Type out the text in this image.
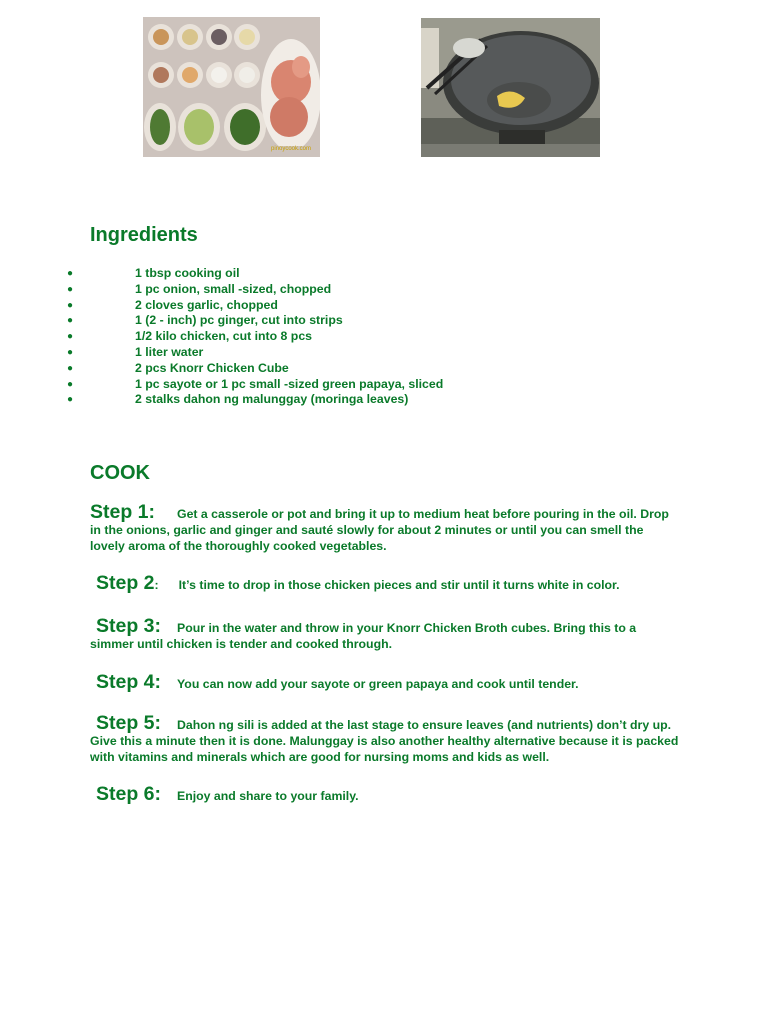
pinoycook.com
Ingredients
●	1 tbsp cooking oil
●	1 pc onion, small -sized, chopped
●	2 cloves garlic, chopped
●	1 (2 - inch) pc ginger, cut into strips
●	1/2 kilo chicken, cut into 8 pcs
●	1 liter water
●	2 pcs Knorr Chicken Cube
●	1 pc sayote or 1 pc small -sized green papaya, sliced
●	2 stalks dahon ng malunggay (moringa leaves)
COOK

Step 1: Get a casserole or pot and bring it up to medium heat before pouring in the oil. Drop in the onions, garlic and ginger and sauté slowly for about 2 minutes or until you can smell the lovely aroma of the thoroughly cooked vegetables.

Step 2: It’s time to drop in those chicken pieces and stir until it turns white in color.

Step 3: Pour in the water and throw in your Knorr Chicken Broth cubes. Bring this to a simmer until chicken is tender and cooked through.

Step 4: You can now add your sayote or green papaya and cook until tender.

Step 5: Dahon ng sili is added at the last stage to ensure leaves (and nutrients) don’t dry up. Give this a minute then it is done. Malunggay is also another healthy alternative because it is packed with vitamins and minerals which are good for nursing moms and kids as well.

Step 6: Enjoy and share to your family.
